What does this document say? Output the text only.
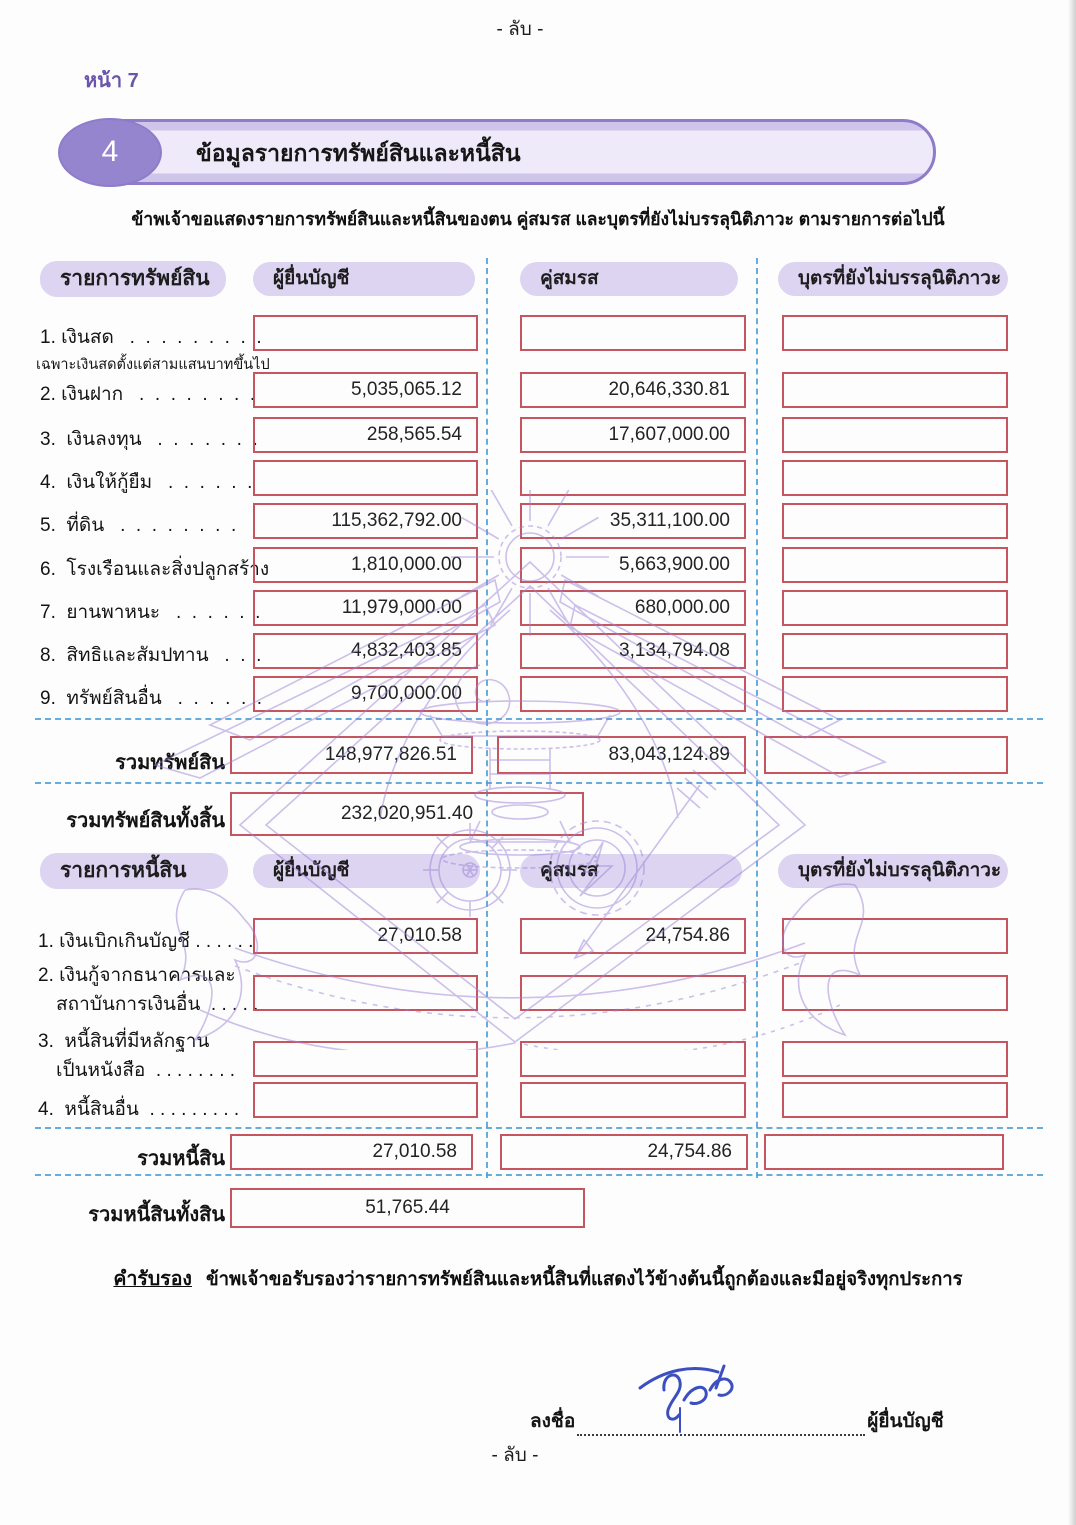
- ลับ -
หน้า 7
4	ข้อมูลรายการทรัพย์สินและหนี้สิน
ข้าพเจ้าขอแสดงรายการทรัพย์สินและหนี้สินของตน คู่สมรส และบุตรที่ยังไม่บรรลุนิติภาวะ ตามรายการต่อไปนี้
รายการทรัพย์สิน	ผู้ยื่นบัญชี	คู่สมรส	บุตรที่ยังไม่บรรลุนิติภาวะ
1. เงินสด   .  .  .  .  .  .  .  .  .
เฉพาะเงินสดตั้งแต่สามแสนบาทขึ้นไป
2. เงินฝาก   .  .  .  .  .  .  .  .	5,035,065.12	20,646,330.81
3.  เงินลงทุน   .  .  .  .  .  .  .	258,565.54	17,607,000.00
4.  เงินให้กู้ยืม   .  .  .  .  .  .
5.  ที่ดิน   .  .  .  .  .  .  .  .	115,362,792.00	35,311,100.00
6.  โรงเรือนและสิ่งปลูกสร้าง	1,810,000.00	5,663,900.00
7.  ยานพาหนะ   .  .  .  .  .  .	11,979,000.00	680,000.00
8.  สิทธิและสัมปทาน   .  .  .	4,832,403.85	3,134,794.08
9.  ทรัพย์สินอื่น   .  .  .  .  .  .	9,700,000.00
รวมทรัพย์สิน	148,977,826.51	83,043,124.89
รวมทรัพย์สินทั้งสิ้น	232,020,951.40
รายการหนี้สิน	ผู้ยื่นบัญชี	คู่สมรส	บุตรที่ยังไม่บรรลุนิติภาวะ
1. เงินเบิกเกินบัญชี . . . . . .	27,010.58	24,754.86
2. เงินกู้จากธนาคารและ
สถาบันการเงินอื่น  . . . . .
3.  หนี้สินที่มีหลักฐาน
เป็นหนังสือ  . . . . . . . .
4.  หนี้สินอื่น  . . . . . . . . .
รวมหนี้สิน	27,010.58	24,754.86
รวมหนี้สินทั้งสิน	51,765.44
คำรับรอง ข้าพเจ้าขอรับรองว่ารายการทรัพย์สินและหนี้สินที่แสดงไว้ข้างต้นนี้ถูกต้องและมีอยู่จริงทุกประการ
ลงชื่อ	ผู้ยื่นบัญชี
- ลับ -
